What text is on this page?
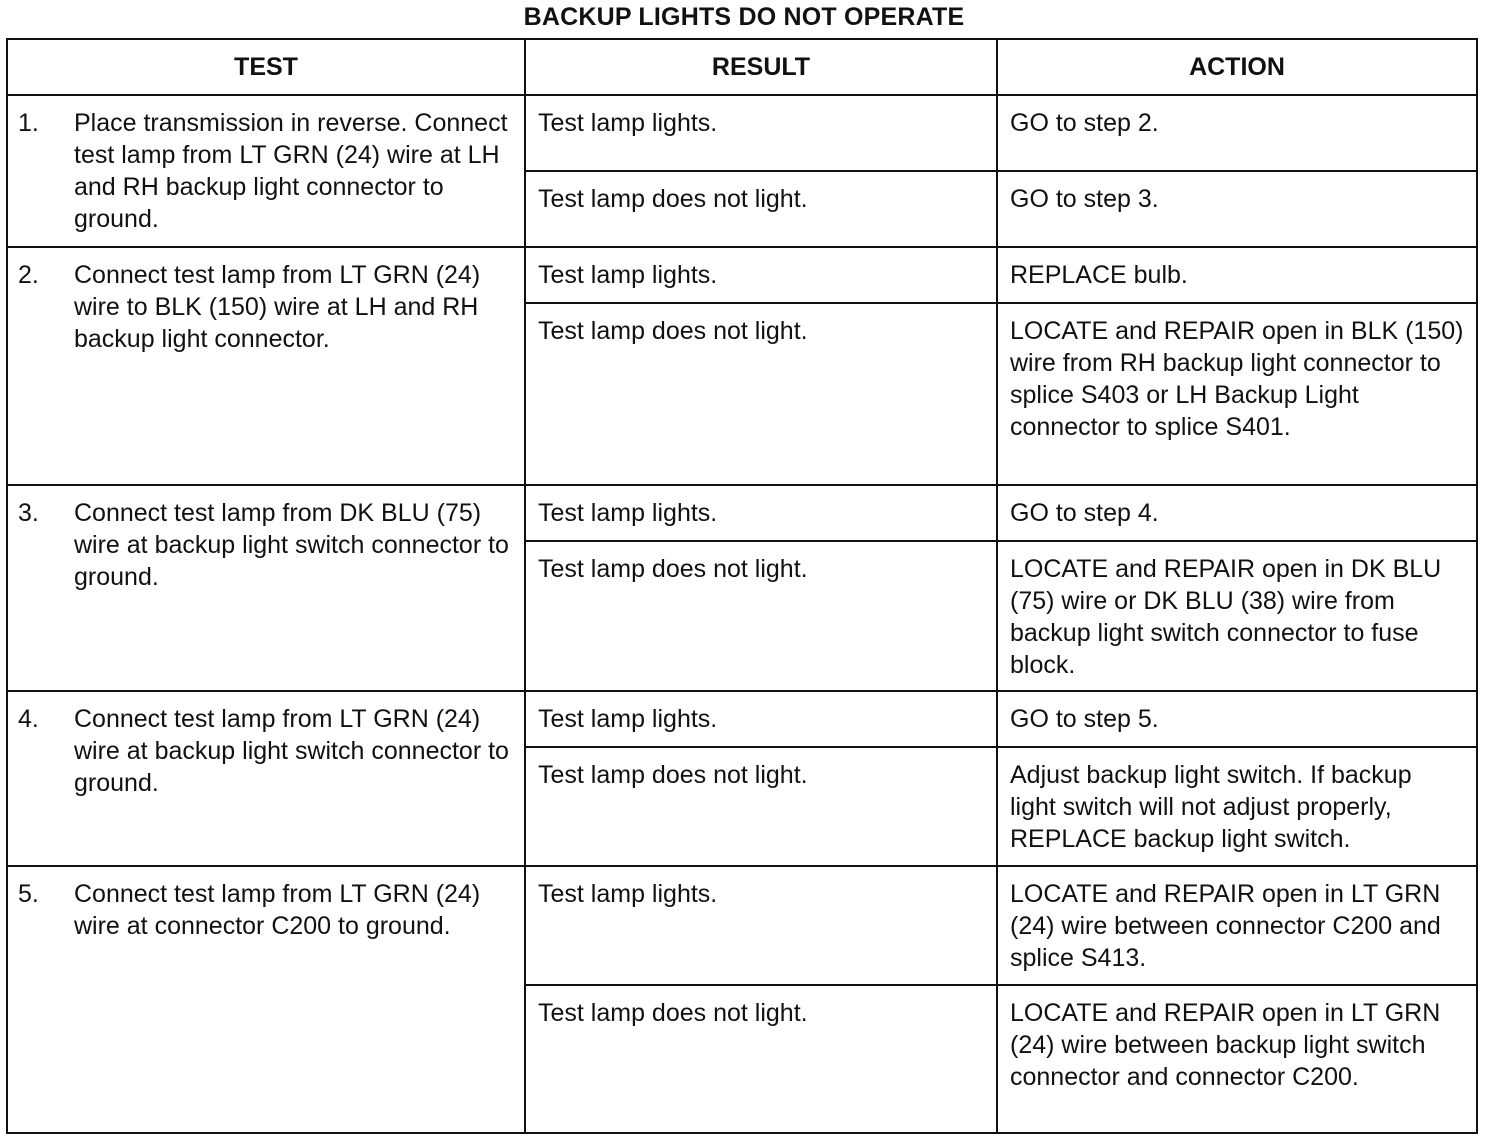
BACKUP LIGHTS DO NOT OPERATE
TEST	RESULT	ACTION

1. Place transmission in reverse. Connect test lamp from LT GRN (24) wire at LH and RH backup light connector to ground.	Test lamp lights.	GO to step 2.

	Test lamp does not light.	GO to step 3.

2. Connect test lamp from LT GRN (24) wire to BLK (150) wire at LH and RH backup light connector.	Test lamp lights.	REPLACE bulb.

	Test lamp does not light.	LOCATE and REPAIR open in BLK (150) wire from RH backup light connector to splice S403 or LH Backup Light connector to splice S401.

3. Connect test lamp from DK BLU (75) wire at backup light switch connector to ground.	Test lamp lights.	GO to step 4.

	Test lamp does not light.	LOCATE and REPAIR open in DK BLU (75) wire or DK BLU (38) wire from backup light switch connector to fuse block.

4. Connect test lamp from LT GRN (24) wire at backup light switch connector to ground.	Test lamp lights.	GO to step 5.

	Test lamp does not light.	Adjust backup light switch. If backup light switch will not adjust properly, REPLACE backup light switch.

5. Connect test lamp from LT GRN (24) wire at connector C200 to ground.	Test lamp lights.	LOCATE and REPAIR open in LT GRN (24) wire between connector C200 and splice S413.

	Test lamp does not light.	LOCATE and REPAIR open in LT GRN (24) wire between backup light switch connector and connector C200.
